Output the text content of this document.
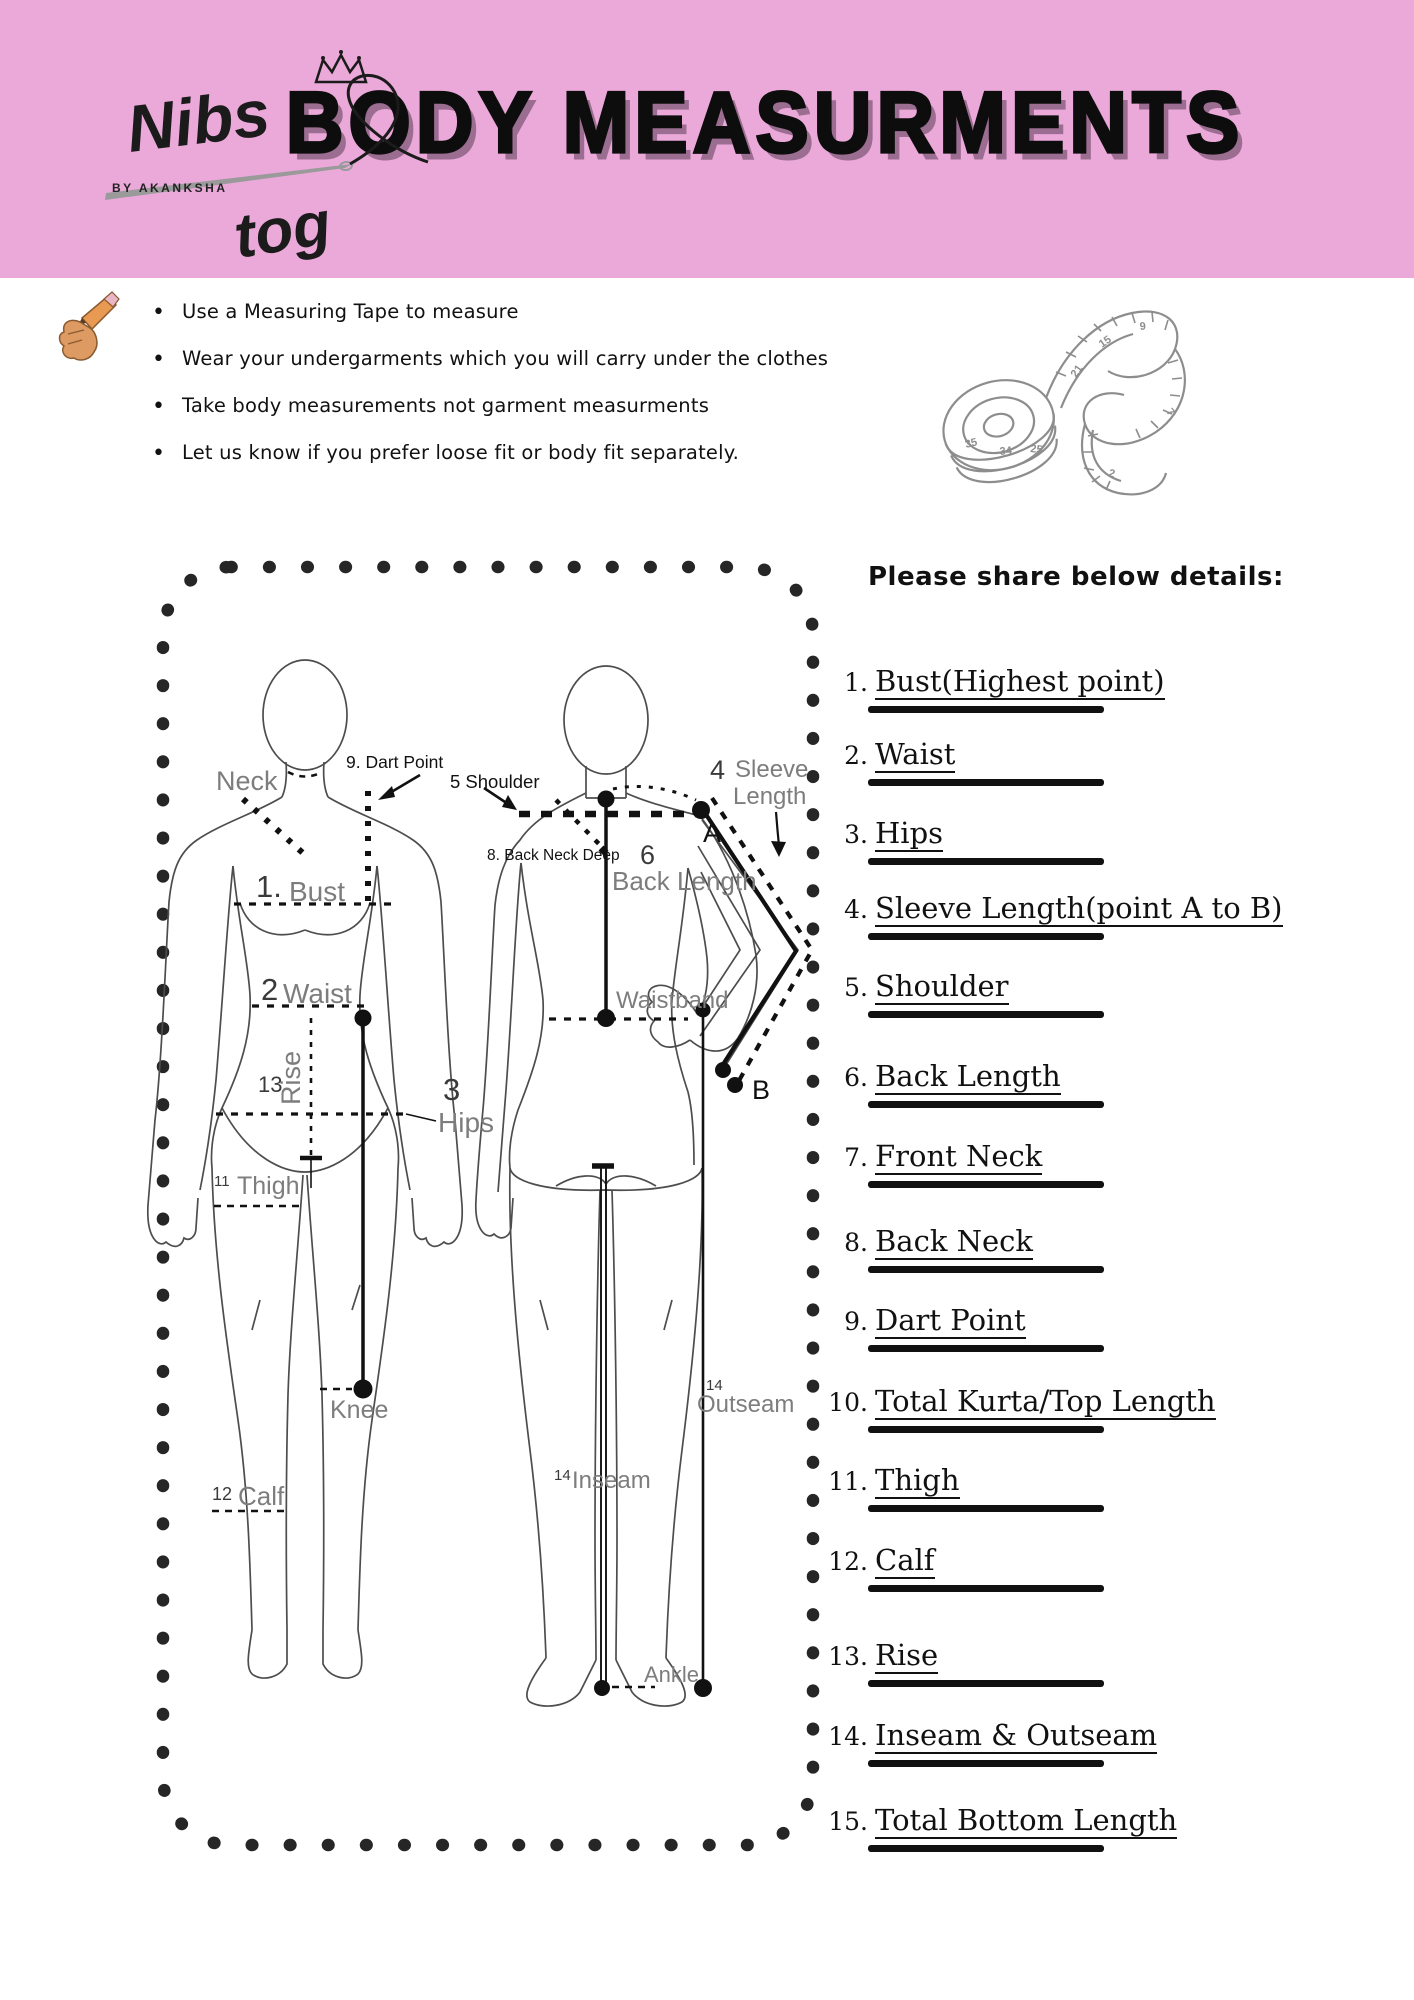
BODY MEASURMENTS
• Use a Measuring Tape to measure
• Wear your undergarments which you will carry under the clothes
• Take body measurements not garment measurments
• Let us know if you prefer loose fit or body fit separately.
Please share below details:
1. Bust(Highest point)
2. Waist
3. Hips
4. Sleeve Length(point A to B)
5. Shoulder
6. Back Length
7. Front Neck
8. Back Neck
9. Dart Point
10. Total Kurta/Top Length
11. Thigh
12. Calf
13. Rise
14. Inseam & Outseam
15. Total Bottom Length
Nibs
BY AKANKSHA
tog
35
34 25
21
15
9
7
2
Neck
9. Dart Point
5 Shoulder
1. Bust
2 Waist
13
Rise	3
Hips
11 Thigh
Knee
12 Calf
8. Back Neck Deep 6
Back Length
Waistband
4 Sleeve
Length
A
B
14
Outseam
14 Inseam
Ankle
